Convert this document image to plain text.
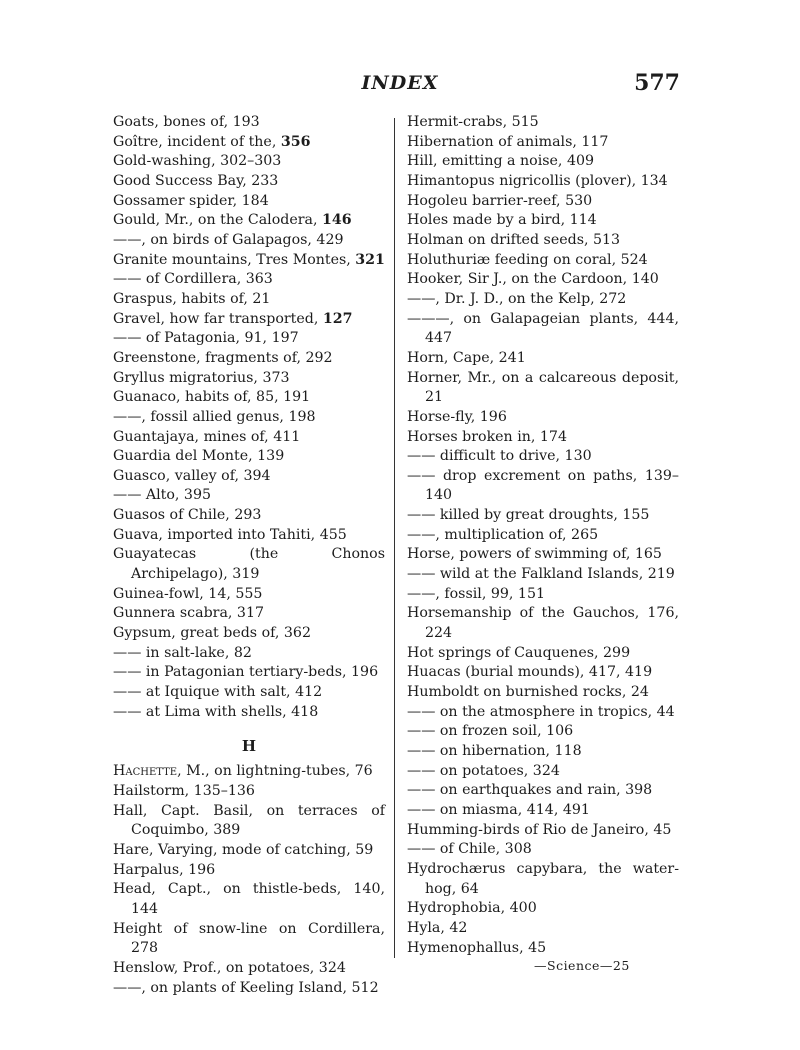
INDEX	577

Goats, bones of, 193

Goître, incident of the, 356

Gold-washing, 302–303

Good Success Bay, 233

Gossamer spider, 184

Gould, Mr., on the Calodera, 146

——, on birds of Galapagos, 429

Granite mountains, Tres Montes, 321

—— of Cordillera, 363

Graspus, habits of, 21

Gravel, how far transported, 127

—— of Patagonia, 91, 197

Greenstone, fragments of, 292

Gryllus migratorius, 373

Guanaco, habits of, 85, 191

——, fossil allied genus, 198

Guantajaya, mines of, 411

Guardia del Monte, 139

Guasco, valley of, 394

—— Alto, 395

Guasos of Chile, 293

Guava, imported into Tahiti, 455

Guayatecas (the Chonos Archipelago), 319

Guinea-fowl, 14, 555

Gunnera scabra, 317

Gypsum, great beds of, 362

—— in salt-lake, 82

—— in Patagonian tertiary-beds, 196

—— at Iquique with salt, 412

—— at Lima with shells, 418

H

Hachette, M., on lightning-tubes, 76

Hailstorm, 135–136

Hall, Capt. Basil, on terraces of Coquimbo, 389

Hare, Varying, mode of catching, 59

Harpalus, 196

Head, Capt., on thistle-beds, 140, 144

Height of snow-line on Cordillera, 278

Henslow, Prof., on potatoes, 324

——, on plants of Keeling Island, 512

Hermit-crabs, 515

Hibernation of animals, 117

Hill, emitting a noise, 409

Himantopus nigricollis (plover), 134

Hogoleu barrier-reef, 530

Holes made by a bird, 114

Holman on drifted seeds, 513

Holuthuriæ feeding on coral, 524

Hooker, Sir J., on the Cardoon, 140

——, Dr. J. D., on the Kelp, 272

———, on Galapageian plants, 444, 447

Horn, Cape, 241

Horner, Mr., on a calcareous deposit, 21

Horse-fly, 196

Horses broken in, 174

—— difficult to drive, 130

—— drop excrement on paths, 139–140

—— killed by great droughts, 155

——, multiplication of, 265

Horse, powers of swimming of, 165

—— wild at the Falkland Islands, 219

——, fossil, 99, 151

Horsemanship of the Gauchos, 176, 224

Hot springs of Cauquenes, 299

Huacas (burial mounds), 417, 419

Humboldt on burnished rocks, 24

—— on the atmosphere in tropics, 44

—— on frozen soil, 106

—— on hibernation, 118

—— on potatoes, 324

—— on earthquakes and rain, 398

—— on miasma, 414, 491

Humming-birds of Rio de Janeiro, 45

—— of Chile, 308

Hydrochærus capybara, the water-hog, 64

Hydrophobia, 400

Hyla, 42

Hymenophallus, 45

—Science—25
